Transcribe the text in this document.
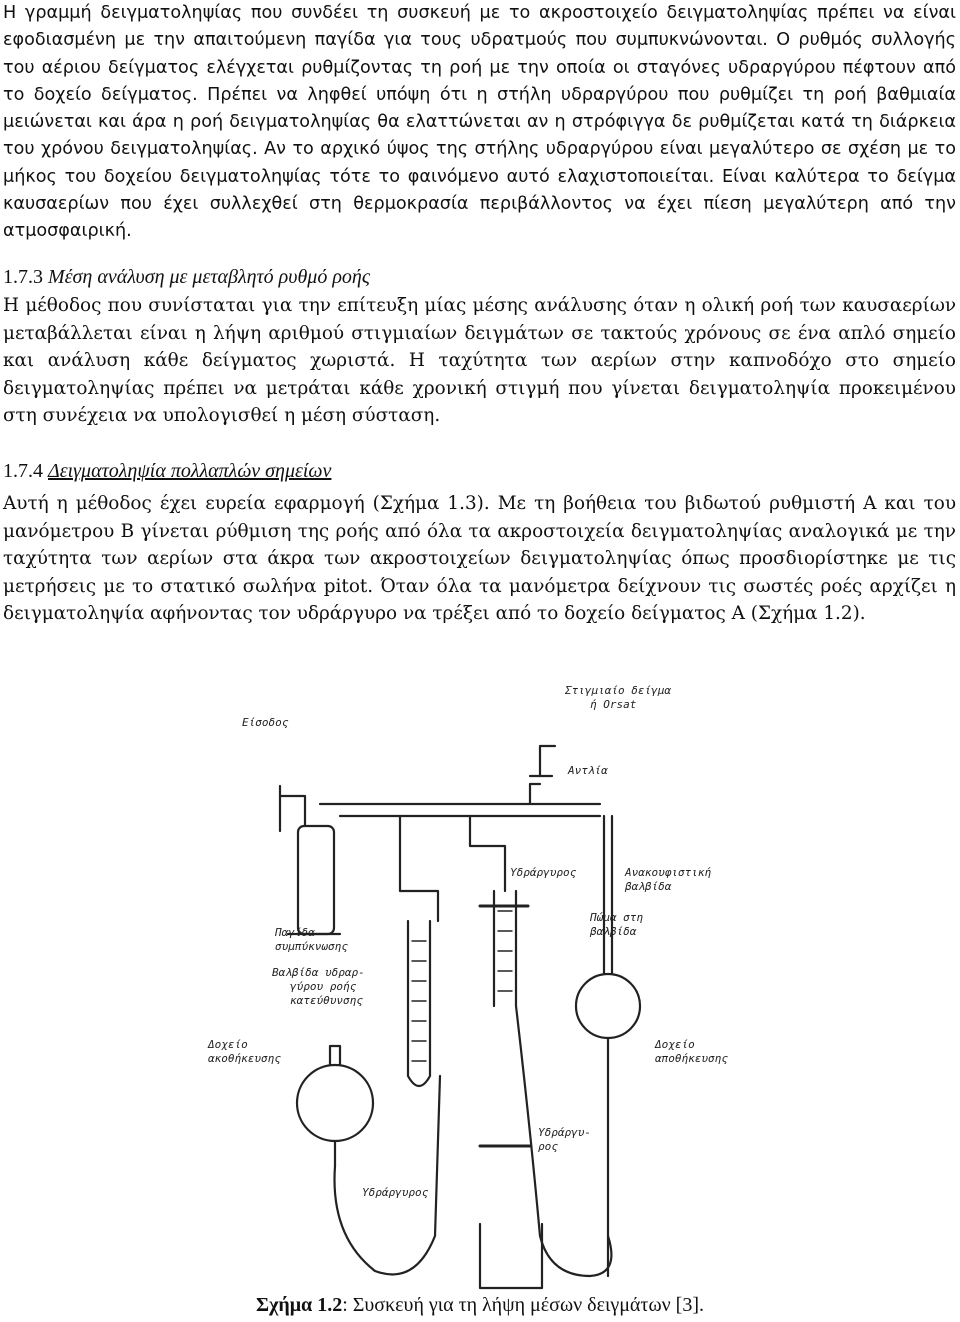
Η γραμμή δειγματοληψίας που συνδέει τη συσκευή με το ακροστοιχείο δειγματοληψίας πρέπει να είναι εφοδιασμένη με την απαιτούμενη παγίδα για τους υδρατμούς που συμπυκνώνονται. Ο ρυθμός συλλογής του αέριου δείγματος ελέγχεται ρυθμίζοντας τη ροή με την οποία οι σταγόνες υδραργύρου πέφτουν από το δοχείο δείγματος. Πρέπει να ληφθεί υπόψη ότι η στήλη υδραργύρου που ρυθμίζει τη ροή βαθμιαία μειώνεται και άρα η ροή δειγματοληψίας θα ελαττώνεται αν η στρόφιγγα δε ρυθμίζεται κατά τη διάρκεια του χρόνου δειγματοληψίας. Αν το αρχικό ύψος της στήλης υδραργύρου είναι μεγαλύτερο σε σχέση με το μήκος του δοχείου δειγματοληψίας τότε το φαινόμενο αυτό ελαχιστοποιείται. Είναι καλύτερα το δείγμα καυσαερίων που έχει συλλεχθεί στη θερμοκρασία περιβάλλοντος να έχει πίεση μεγαλύτερη από την ατμοσφαιρική.

1.7.3 Μέση ανάλυση με μεταβλητό ρυθμό ροής

Η μέθοδος που συνίσταται για την επίτευξη μίας μέσης ανάλυσης όταν η ολική ροή των καυσαερίων μεταβάλλεται είναι η λήψη αριθμού στιγμιαίων δειγμάτων σε τακτούς χρόνους σε ένα απλό σημείο και ανάλυση κάθε δείγματος χωριστά. Η ταχύτητα των αερίων στην καπνοδόχο στο σημείο δειγματοληψίας πρέπει να μετράται κάθε χρονική στιγμή που γίνεται δειγματοληψία προκειμένου στη συνέχεια να υπολογισθεί η μέση σύσταση.

1.7.4 Δειγματοληψία πολλαπλών σημείων

Αυτή η μέθοδος έχει ευρεία εφαρμογή (Σχήμα 1.3). Με τη βοήθεια του βιδωτού ρυθμιστή Α και του μανόμετρου Β γίνεται ρύθμιση της ροής από όλα τα ακροστοιχεία δειγματοληψίας αναλογικά με την ταχύτητα των αερίων στα άκρα των ακροστοιχείων δειγματοληψίας όπως προσδιορίστηκε με τις μετρήσεις με το στατικό σωλήνα pitot. Όταν όλα τα μανόμετρα δείχνουν τις σωστές ροές αρχίζει η δειγματοληψία αφήνοντας τον υδράργυρο να τρέξει από το δοχείο δείγματος Α (Σχήμα 1.2).

Στιγμιαίο δείγμα
ή Orsat
Είσοδος
Αντλία
Υδράργυρος	Ανακουφιστική
βαλβίδα
Παγίδα
συμπύκνωσης
Πώμα στη
βαλβίδα
Βαλβίδα υδραρ-
γύρου ροής
κατεύθυνσης
Δοχείο
ακοθήκευσης
Δοχείο
αποθήκευσης
Υδράργυ-
ρος
Υδράργυρος
Σχήμα 1.2: Συσκευή για τη λήψη μέσων δειγμάτων [3].
